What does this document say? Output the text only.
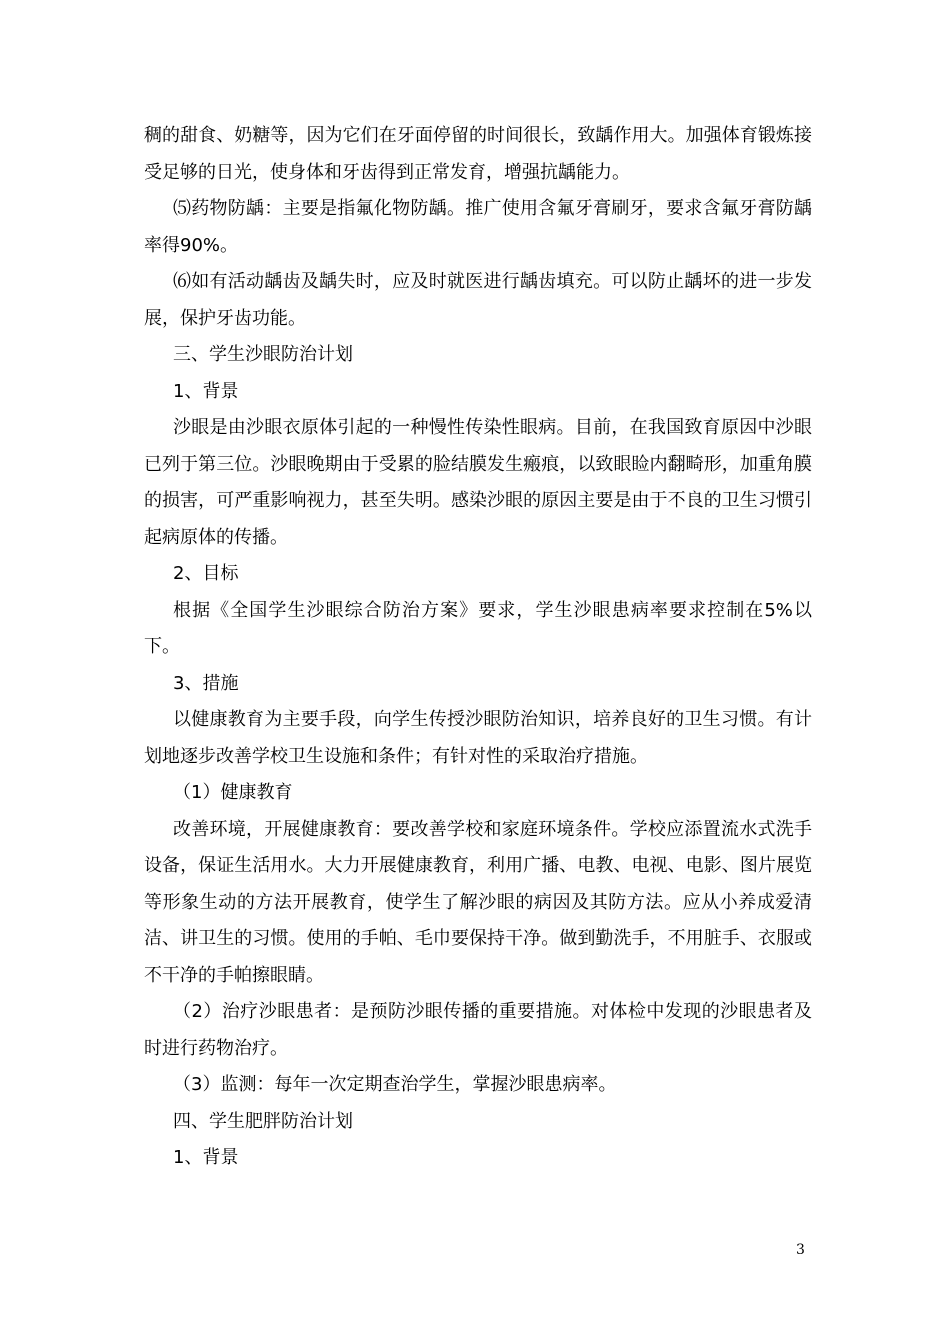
稠的甜食、奶糖等，因为它们在牙面停留的时间很长，致龋作用大。加强体育锻炼接受足够的日光，使身体和牙齿得到正常发育，增强抗龋能力。

⑸药物防龋：主要是指氟化物防龋。推广使用含氟牙膏刷牙，要求含氟牙膏防龋率得90%。

⑹如有活动龋齿及龋失时，应及时就医进行龋齿填充。可以防止龋坏的进一步发展，保护牙齿功能。

三、学生沙眼防治计划

1、背景

沙眼是由沙眼衣原体引起的一种慢性传染性眼病。目前，在我国致育原因中沙眼已列于第三位。沙眼晚期由于受累的脸结膜发生瘢痕，以致眼睑内翻畸形，加重角膜的损害，可严重影响视力，甚至失明。感染沙眼的原因主要是由于不良的卫生习惯引起病原体的传播。

2、目标

根据《全国学生沙眼综合防治方案》要求，学生沙眼患病率要求控制在5%以下。

3、措施

以健康教育为主要手段，向学生传授沙眼防治知识，培养良好的卫生习惯。有计划地逐步改善学校卫生设施和条件；有针对性的采取治疗措施。

（1）健康教育

改善环境，开展健康教育：要改善学校和家庭环境条件。学校应添置流水式洗手设备，保证生活用水。大力开展健康教育，利用广播、电教、电视、电影、图片展览等形象生动的方法开展教育，使学生了解沙眼的病因及其防方法。应从小养成爱清洁、讲卫生的习惯。使用的手帕、毛巾要保持干净。做到勤洗手，不用脏手、衣服或不干净的手帕擦眼睛。

（2）治疗沙眼患者：是预防沙眼传播的重要措施。对体检中发现的沙眼患者及时进行药物治疗。

（3）监测：每年一次定期查治学生，掌握沙眼患病率。

四、学生肥胖防治计划

1、背景

3
